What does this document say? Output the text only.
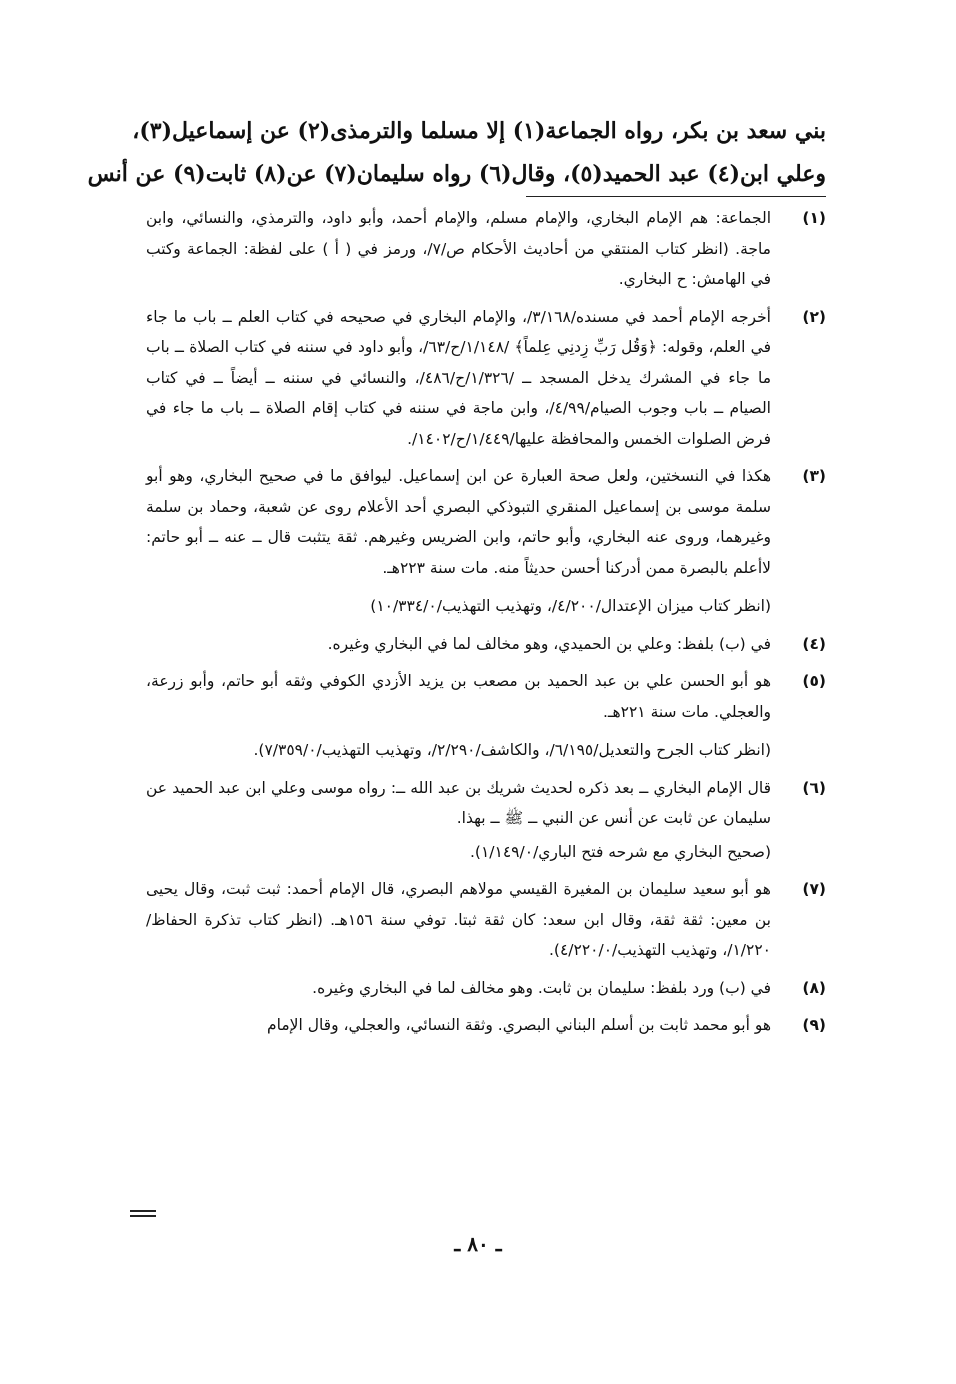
بني سعد بن بكر، رواه الجماعة(١) إلا مسلما والترمذى(٢) عن إسماعيل(٣)،
وعلي ابن(٤) عبد الحميد(٥)، وقال(٦) رواه سليمان(٧) عن(٨) ثابت(٩) عن أنس
(١)

الجماعة: هم الإمام البخاري، والإمام مسلم، والإمام أحمد، وأبو داود، والترمذي، والنسائي، وابن ماجة. (انظر كتاب المنتقي من أحاديث الأحكام ص/٧/، ورمز في ( أ ) على لفظة: الجماعة وكتب في الهامش: ح البخاري.

(٢)

أخرجه الإمام أحمد في مسنده/٣/١٦٨/، والإمام البخاري في صحيحه في كتاب العلم ــ باب ما جاء في العلم، وقوله: ﴿وَقُل رَبِّ زِدنِي عِلماً﴾ /١/١٤٨/ح/٦٣/، وأبو داود في سننه في كتاب الصلاة ــ باب ما جاء في المشرك يدخل المسجد ــ /١/٣٢٦/ح/٤٨٦/، والنسائي في سننه ــ أيضاً ــ في كتاب الصيام ــ باب وجوب الصيام/٤/٩٩/، وابن ماجة في سننه في كتاب إقام الصلاة ــ باب ما جاء في فرض الصلوات الخمس والمحافظة عليها/١/٤٤٩/ح/١٤٠٢/.

(٣)

هكذا في النسختين، ولعل صحة العبارة عن ابن إسماعيل. ليوافق ما في صحيح البخاري، وهو أبو سلمة موسى بن إسماعيل المنقري التبوذكي البصري أحد الأعلام روى عن شعبة، وحماد بن سلمة وغيرهما، وروى عنه البخاري، وأبو حاتم، وابن الضريس وغيرهم. ثقة يتثبت قال ــ عنه ــ أبو حاتم: لاأعلم بالبصرة ممن أدركنا أحسن حديثاً منه. مات سنة ٢٢٣هـ.

(انظر كتاب ميزان الإعتدال/٤/٢٠٠/، وتهذيب التهذيب/١٠/٣٣٤/٠)

(٤)

في (ب) بلفظ: وعلي بن الحميدي، وهو مخالف لما في البخاري وغيره.

(٥)

هو أبو الحسن علي بن عبد الحميد بن مصعب بن يزيد الأزدي الكوفي وثقه أبو حاتم، وأبو زرعة، والعجلي. مات سنة ٢٢١هـ.

(انظر كتاب الجرح والتعديل/٦/١٩٥/، والكاشف/٢/٢٩٠/، وتهذيب التهذيب/٧/٣٥٩/٠).

(٦)

قال الإمام البخاري ــ بعد ذكره لحديث شريك بن عبد الله ــ: رواه موسى وعلي ابن عبد الحميد عن سليمان عن ثابت عن أنس عن النبي ــ ﷺ ــ بهذا.

(صحيح البخاري مع شرحه فتح الباري/١/١٤٩/٠).

(٧)

هو أبو سعيد سليمان بن المغيرة القيسي مولاهم البصري، قال الإمام أحمد: ثبت ثبت، وقال يحيى بن معين: ثقة ثقة، وقال ابن سعد: كان ثقة ثبتا. توفي سنة ١٥٦هـ. (انظر كتاب تذكرة الحفاظ/١/٢٢٠/، وتهذيب التهذيب/٤/٢٢٠/٠).

(٨)

في (ب) ورد بلفظ: سليمان بن ثابت. وهو مخالف لما في البخاري وغيره.

(٩)

هو أبو محمد ثابت بن أسلم البناني البصري. وثقة النسائي، والعجلي، وقال الإمام

ـ ٨٠ ـ
